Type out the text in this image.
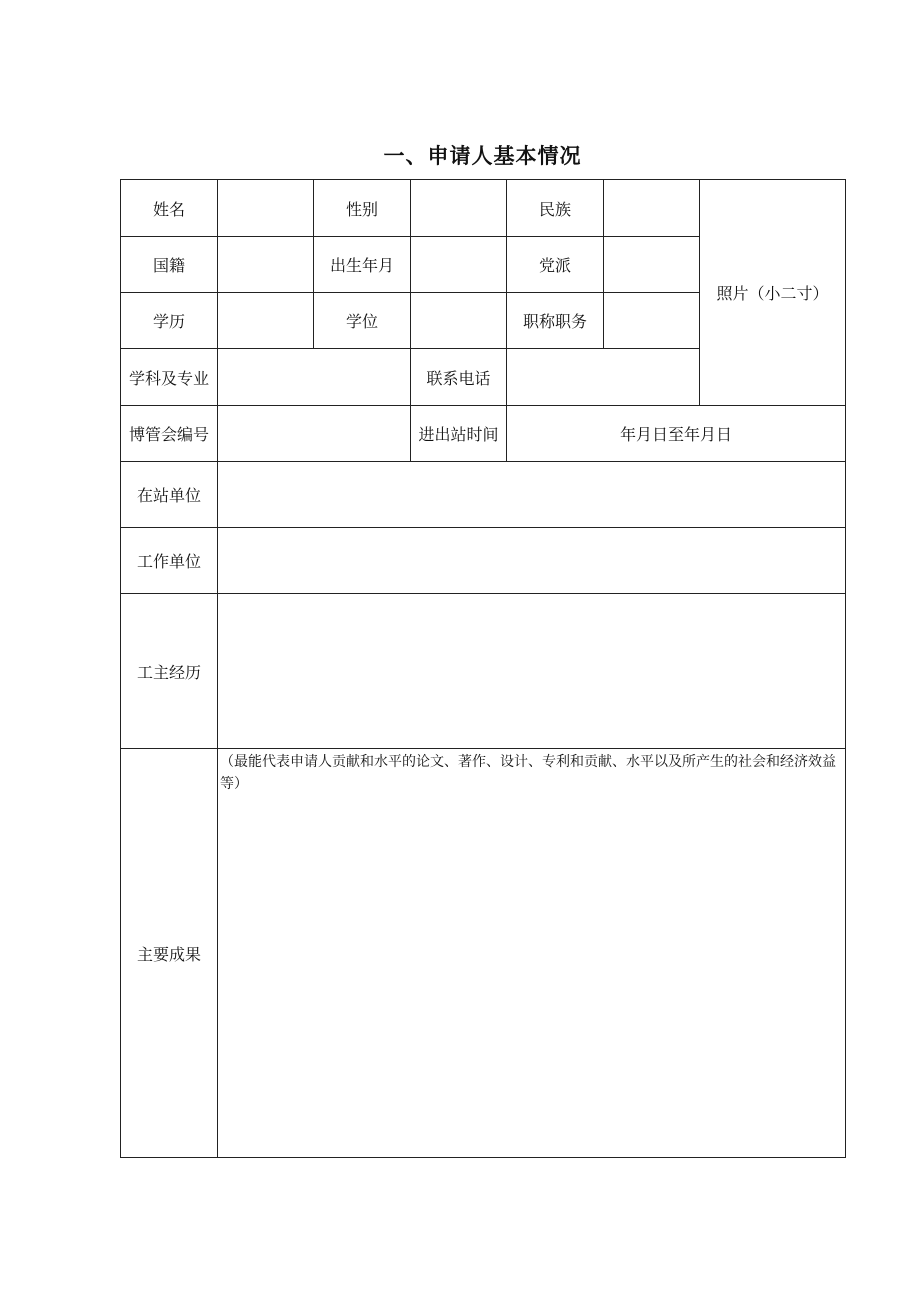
一、申请人基本情况
姓名		性别		民族		照片（小二寸）
国籍		出生年月		党派		
学历		学位		职称职务		
学科及专业			联系电话			
博管会编号			进出站时间	年月日至年月日		
在站单位						
工作单位						
工主经历						
主要成果	（最能代表申请人贡献和水平的论文、著作、设计、专利和贡献、水平以及所产生的社会和经济效益等）					
